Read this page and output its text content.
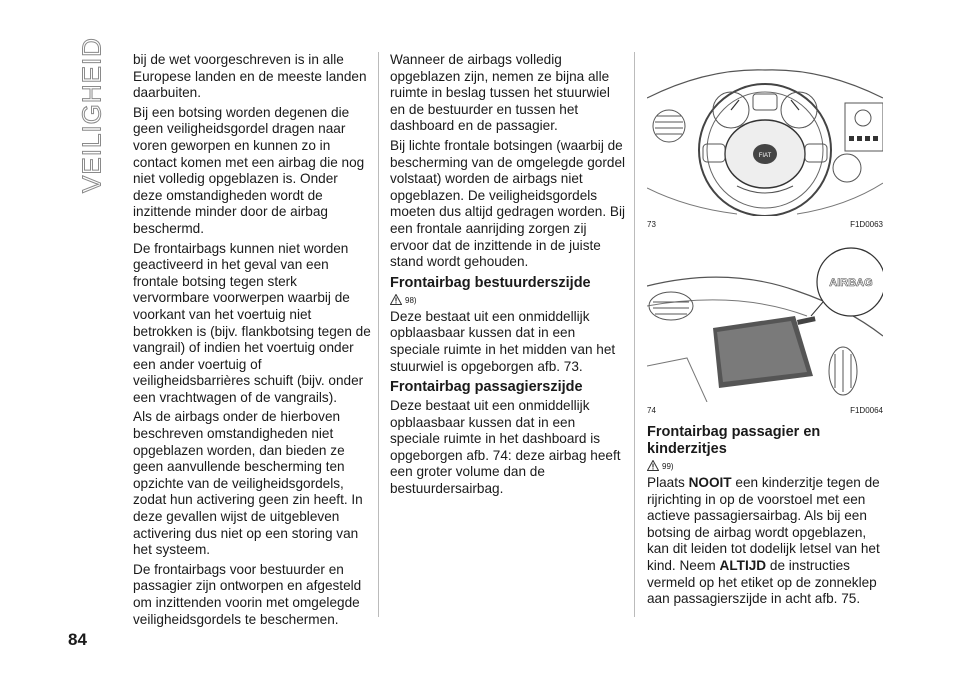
VEILIGHEID
84

bij de wet voorgeschreven is in alle Europese landen en de meeste landen daarbuiten.

Bij een botsing worden degenen die geen veiligheidsgordel dragen naar voren geworpen en kunnen zo in contact komen met een airbag die nog niet volledig opgeblazen is. Onder deze omstandigheden wordt de inzittende minder door de airbag beschermd.

De frontairbags kunnen niet worden geactiveerd in het geval van een frontale botsing tegen sterk vervormbare voorwerpen waarbij de voorkant van het voertuig niet betrokken is (bijv. flankbotsing tegen de vangrail) of indien het voertuig onder een ander voertuig of veiligheidsbarrières schuift (bijv. onder een vrachtwagen of de vangrails).

Als de airbags onder de hierboven beschreven omstandigheden niet opgeblazen worden, dan bieden ze geen aanvullende bescherming ten opzichte van de veiligheidsgordels, zodat hun activering geen zin heeft. In deze gevallen wijst de uitgebleven activering dus niet op een storing van het systeem.

De frontairbags voor bestuurder en passagier zijn ontworpen en afgesteld om inzittenden voorin met omgelegde veiligheidsgordels te beschermen.

Wanneer de airbags volledig opgeblazen zijn, nemen ze bijna alle ruimte in beslag tussen het stuurwiel en de bestuurder en tussen het dashboard en de passagier.

Bij lichte frontale botsingen (waarbij de bescherming van de omgelegde gordel volstaat) worden de airbags niet opgeblazen. De veiligheidsgordels moeten dus altijd gedragen worden. Bij een frontale aanrijding zorgen zij ervoor dat de inzittende in de juiste stand wordt gehouden.

Frontairbag bestuurderszijde
98)

Deze bestaat uit een onmiddellijk opblaasbaar kussen dat in een speciale ruimte in het midden van het stuurwiel is opgeborgen afb. 73.

Frontairbag passagierszijde

Deze bestaat uit een onmiddellijk opblaasbaar kussen dat in een speciale ruimte in het dashboard is opgeborgen afb. 74: deze airbag heeft een groter volume dan de bestuurdersairbag.

FIAT
73	F1D0063
AIRBAG
74	F1D0064
Frontairbag passagier en kinderzitjes
99)

Plaats NOOIT een kinderzitje tegen de rijrichting in op de voorstoel met een actieve passagiersairbag. Als bij een botsing de airbag wordt opgeblazen, kan dit leiden tot dodelijk letsel van het kind. Neem ALTIJD de instructies vermeld op het etiket op de zonneklep aan passagierszijde in acht afb. 75.
